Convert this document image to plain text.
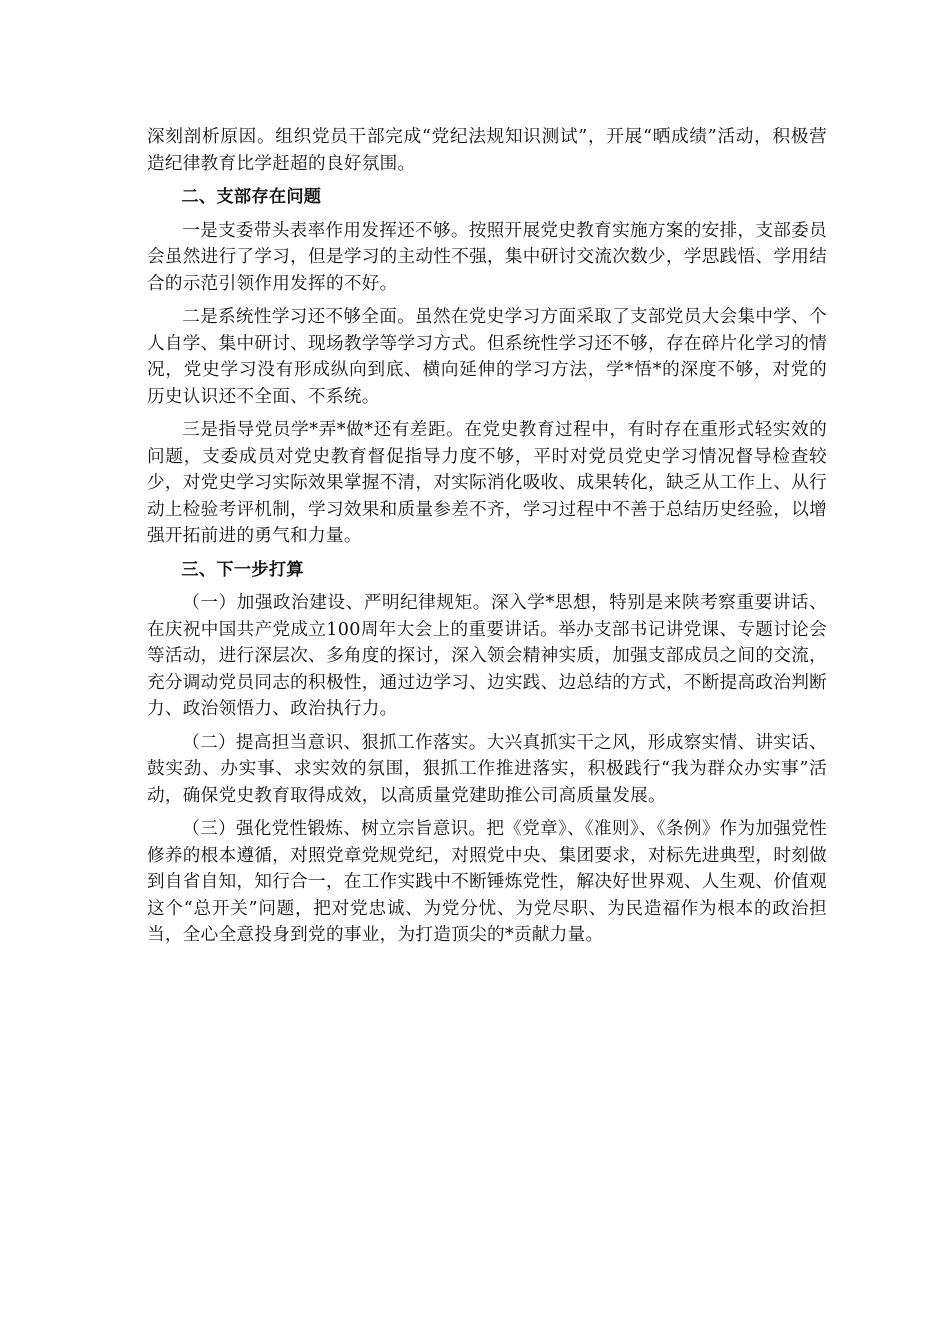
深刻剖析原因。组织党员干部完成“党纪法规知识测试”，开展“晒成绩”活动，积极营造纪律教育比学赶超的良好氛围。

二、支部存在问题

一是支委带头表率作用发挥还不够。按照开展党史教育实施方案的安排，支部委员会虽然进行了学习，但是学习的主动性不强，集中研讨交流次数少，学思践悟、学用结合的示范引领作用发挥的不好。

二是系统性学习还不够全面。虽然在党史学习方面采取了支部党员大会集中学、个人自学、集中研讨、现场教学等学习方式。但系统性学习还不够，存在碎片化学习的情况，党史学习没有形成纵向到底、横向延伸的学习方法，学*悟*的深度不够，对党的历史认识还不全面、不系统。

三是指导党员学*弄*做*还有差距。在党史教育过程中，有时存在重形式轻实效的问题，支委成员对党史教育督促指导力度不够，平时对党员党史学习情况督导检查较少，对党史学习实际效果掌握不清，对实际消化吸收、成果转化，缺乏从工作上、从行动上检验考评机制，学习效果和质量参差不齐，学习过程中不善于总结历史经验，以增强开拓前进的勇气和力量。

三、下一步打算

（一）加强政治建设、严明纪律规矩。深入学*思想，特别是来陕考察重要讲话、在庆祝中国共产党成立100周年大会上的重要讲话。举办支部书记讲党课、专题讨论会等活动，进行深层次、多角度的探讨，深入领会精神实质，加强支部成员之间的交流，充分调动党员同志的积极性，通过边学习、边实践、边总结的方式，不断提高政治判断力、政治领悟力、政治执行力。

（二）提高担当意识、狠抓工作落实。大兴真抓实干之风，形成察实情、讲实话、鼓实劲、办实事、求实效的氛围，狠抓工作推进落实，积极践行“我为群众办实事”活动，确保党史教育取得成效，以高质量党建助推公司高质量发展。

（三）强化党性锻炼、树立宗旨意识。把《党章》、《准则》、《条例》作为加强党性修养的根本遵循，对照党章党规党纪，对照党中央、集团要求，对标先进典型，时刻做到自省自知，知行合一，在工作实践中不断锤炼党性，解决好世界观、人生观、价值观这个“总开关”问题，把对党忠诚、为党分忧、为党尽职、为民造福作为根本的政治担当，全心全意投身到党的事业，为打造顶尖的*贡献力量。
